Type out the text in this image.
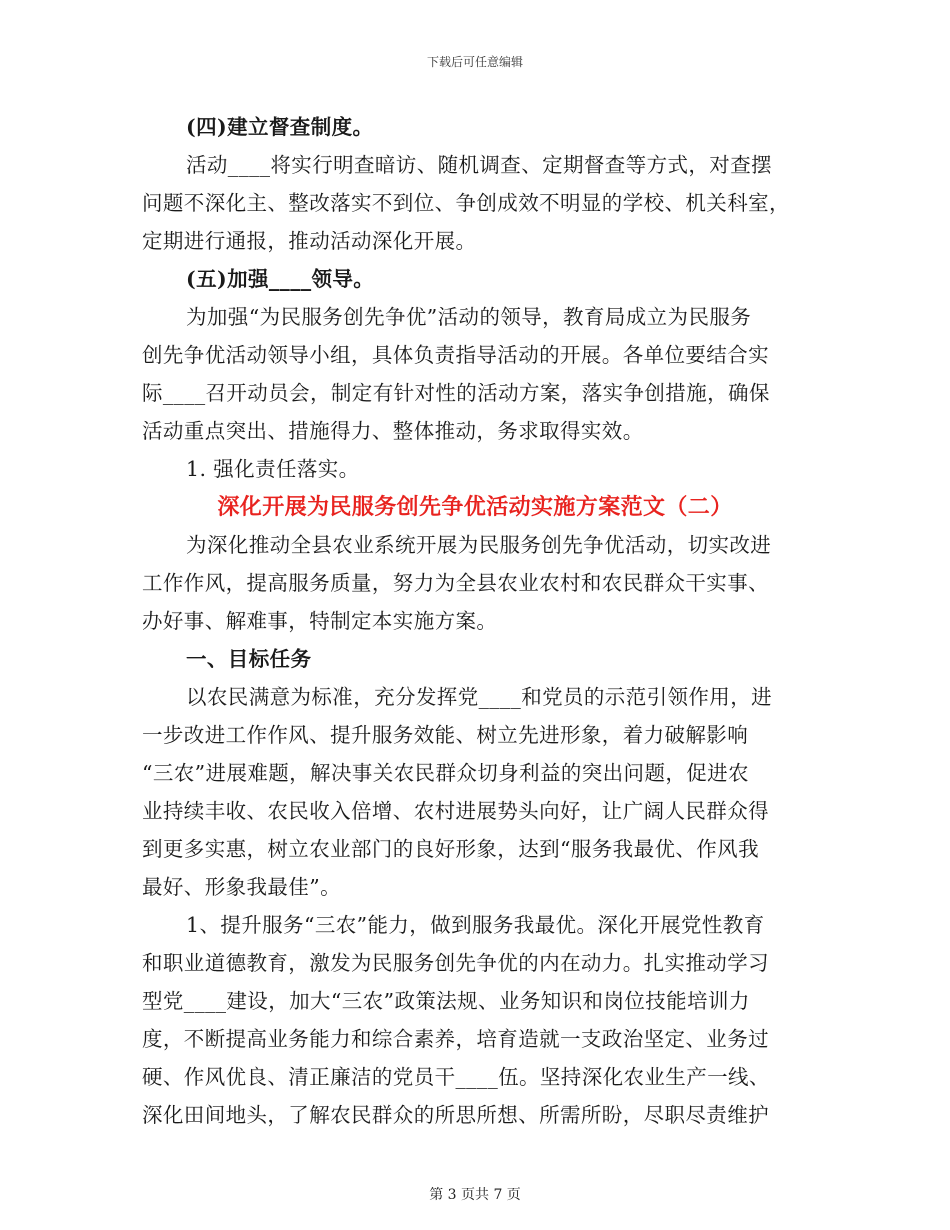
下载后可任意编辑
(四)建立督查制度。
活动____将实行明查暗访、随机调查、定期督查等方式，对查摆
问题不深化主、整改落实不到位、争创成效不明显的学校、机关科室，
定期进行通报，推动活动深化开展。
(五)加强____领导。
为加强“为民服务创先争优”活动的领导，教育局成立为民服务
创先争优活动领导小组，具体负责指导活动的开展。各单位要结合实
际____召开动员会，制定有针对性的活动方案，落实争创措施，确保
活动重点突出、措施得力、整体推动，务求取得实效。
1. 强化责任落实。
深化开展为民服务创先争优活动实施方案范文（二）
为深化推动全县农业系统开展为民服务创先争优活动，切实改进
工作作风，提高服务质量，努力为全县农业农村和农民群众干实事、
办好事、解难事，特制定本实施方案。
一、目标任务
以农民满意为标准，充分发挥党____和党员的示范引领作用，进
一步改进工作作风、提升服务效能、树立先进形象，着力破解影响
“三农”进展难题，解决事关农民群众切身利益的突出问题，促进农
业持续丰收、农民收入倍增、农村进展势头向好，让广阔人民群众得
到更多实惠，树立农业部门的良好形象，达到“服务我最优、作风我
最好、形象我最佳”。
1、提升服务“三农”能力，做到服务我最优。深化开展党性教育
和职业道德教育，激发为民服务创先争优的内在动力。扎实推动学习
型党____建设，加大“三农”政策法规、业务知识和岗位技能培训力
度，不断提高业务能力和综合素养，培育造就一支政治坚定、业务过
硬、作风优良、清正廉洁的党员干____伍。坚持深化农业生产一线、
深化田间地头，了解农民群众的所思所想、所需所盼，尽职尽责维护
第 3 页共 7 页
